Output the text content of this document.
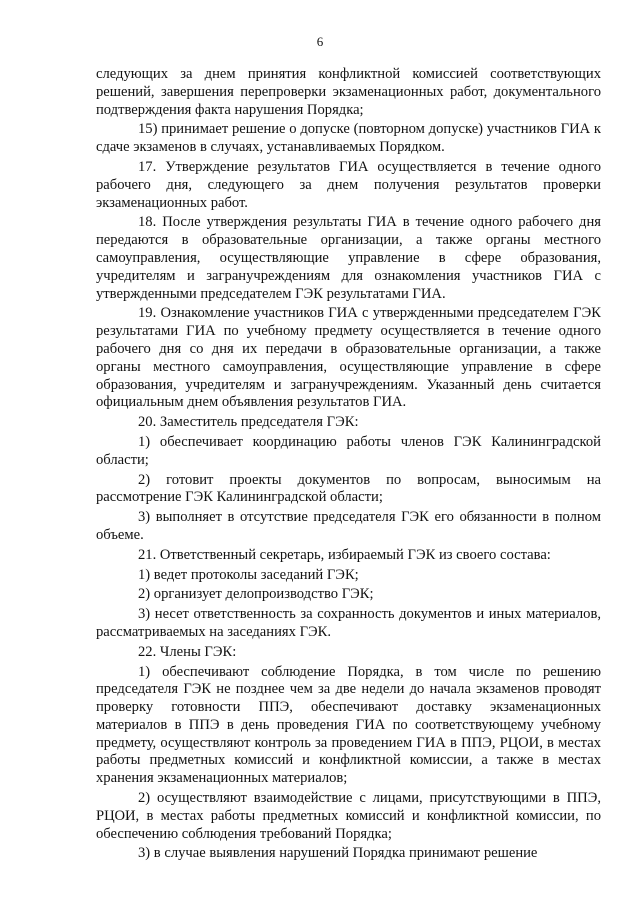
6

следующих за днем принятия конфликтной комиссией соответствующих решений, завершения перепроверки экзаменационных работ, документального подтверждения факта нарушения Порядка;

15) принимает решение о допуске (повторном допуске) участников ГИА к сдаче экзаменов в случаях, устанавливаемых Порядком.

17. Утверждение результатов ГИА осуществляется в течение одного рабочего дня, следующего за днем получения результатов проверки экзаменационных работ.

18. После утверждения результаты ГИА в течение одного рабочего дня передаются в образовательные организации, а также органы местного самоуправления, осуществляющие управление в сфере образования, учредителям и загранучреждениям для ознакомления участников ГИА с утвержденными председателем ГЭК результатами ГИА.

19. Ознакомление участников ГИА с утвержденными председателем ГЭК результатами ГИА по учебному предмету осуществляется в течение одного рабочего дня со дня их передачи в образовательные организации, а также органы местного самоуправления, осуществляющие управление в сфере образования, учредителям и загранучреждениям. Указанный день считается официальным днем объявления результатов ГИА.

20. Заместитель председателя ГЭК:

1) обеспечивает координацию работы членов ГЭК Калининградской области;

2) готовит проекты документов по вопросам, выносимым на рассмотрение ГЭК Калининградской области;

3) выполняет в отсутствие председателя ГЭК его обязанности в полном объеме.

21. Ответственный секретарь, избираемый ГЭК из своего состава:

1) ведет протоколы заседаний ГЭК;

2) организует делопроизводство ГЭК;

3) несет ответственность за сохранность документов и иных материалов, рассматриваемых на заседаниях ГЭК.

22. Члены ГЭК:

1) обеспечивают соблюдение Порядка, в том числе по решению председателя ГЭК не позднее чем за две недели до начала экзаменов проводят проверку готовности ППЭ, обеспечивают доставку экзаменационных материалов в ППЭ в день проведения ГИА по соответствующему учебному предмету, осуществляют контроль за проведением ГИА в ППЭ, РЦОИ, в местах работы предметных комиссий и конфликтной комиссии, а также в местах хранения экзаменационных материалов;

2) осуществляют взаимодействие с лицами, присутствующими в ППЭ, РЦОИ, в местах работы предметных комиссий и конфликтной комиссии, по обеспечению соблюдения требований Порядка;

3) в случае выявления нарушений Порядка принимают решение
